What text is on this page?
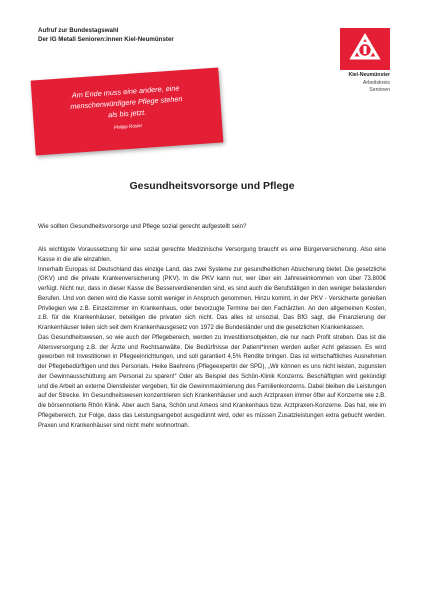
Aufruf zur Bundestagswahl
Der IG Metall Senioren:innen Kiel-Neumünster
Kiel-Neumünster
Arbeitskreis
Senioren
Am Ende muss eine andere, eine
menschenwürdigere Pflege stehen
als bis jetzt.
Philipp Rösler
Gesundheitsvorsorge und Pflege
Wie sollten Gesundheitsvorsorge und Pflege sozial gerecht aufgestellt sein?

Als wichtigste Voraussetzung für eine sozial gerechte Medizinische Versorgung braucht es eine Bürgerversicherung. Also eine Kasse in die alle einzahlen.

Innerhalb Europas ist Deutschland das einzige Land, das zwei Systeme zur gesundheitlichen Absicherung bietet. Die gesetzliche (GKV) und die private Krankenversicherung (PKV). In die PKV kann nur, wer über ein Jahreseinkommen von über 73.800€ verfügt. Nicht nur, dass in dieser Kasse die Besserverdienenden sind, es sind auch die Berufstätigen in den weniger belastenden Berufen. Und von denen wird die Kasse somit weniger in Anspruch genommen. Hinzu kommt, in der PKV - Versicherte genießen Privilegien wie z.B. Einzelzimmer im Krankenhaus, oder bevorzugte Termine bei den Fachärzten. An den allgemeinen Kosten, z.B. für die Krankenhäuser, beteiligen die privaten sich nicht. Das alles ist unsozial, Das BfG sagt, die Finanzierung der Krankenhäuser teilen sich seit dem Krankenhausgesetz von 1972 die Bundesländer und die gesetzlichen Krankenkassen.

Das Gesundheitswesen, so wie auch der Pflegebereich, werden zu Investitionsobjekten, die nur nach Profit streben. Das ist die Altersversorgung z.B. der Ärzte und Rechtsanwälte. Die Bedürfnisse der Patient*innen werden außer Acht gelassen. Es wird geworben mit Investitionen in Pflegeeinrichtungen, und soll garantiert 4,5% Rendite bringen. Das ist wirtschaftliches Ausnehmen der Pflegebedürftigen und des Personals. Heike Baehrens (Pflegeexpertin der SPD), „Wir können es uns nicht leisten, zugunsten der Gewinnausschüttung am Personal zu sparen!“ Oder als Beispiel des Schön-Klinik Konzerns. Beschäftigten wird gekündigt und die Arbeit an externe Dienstleister vergeben, für die Gewinnmaximierung des Familienkonzerns. Dabei bleiben die Leistungen auf der Strecke. Im Gesundheitswesen konzentrieren sich Krankenhäuser und auch Arztpraxen immer öfter auf Konzerne wie z.B. die börsennotierte Rhön Klinik. Aber auch Sana, Schön und Ameos sind Krankenhaus bzw. Arztpraxen-Konzerne. Das hat, wie im Pflegebereich, zur Folge, dass das Leistungsangebot ausgedünnt wird, oder es müssen Zusatzleistungen extra gebucht werden. Praxen und Krankenhäuser sind nicht mehr wohnortnah.
